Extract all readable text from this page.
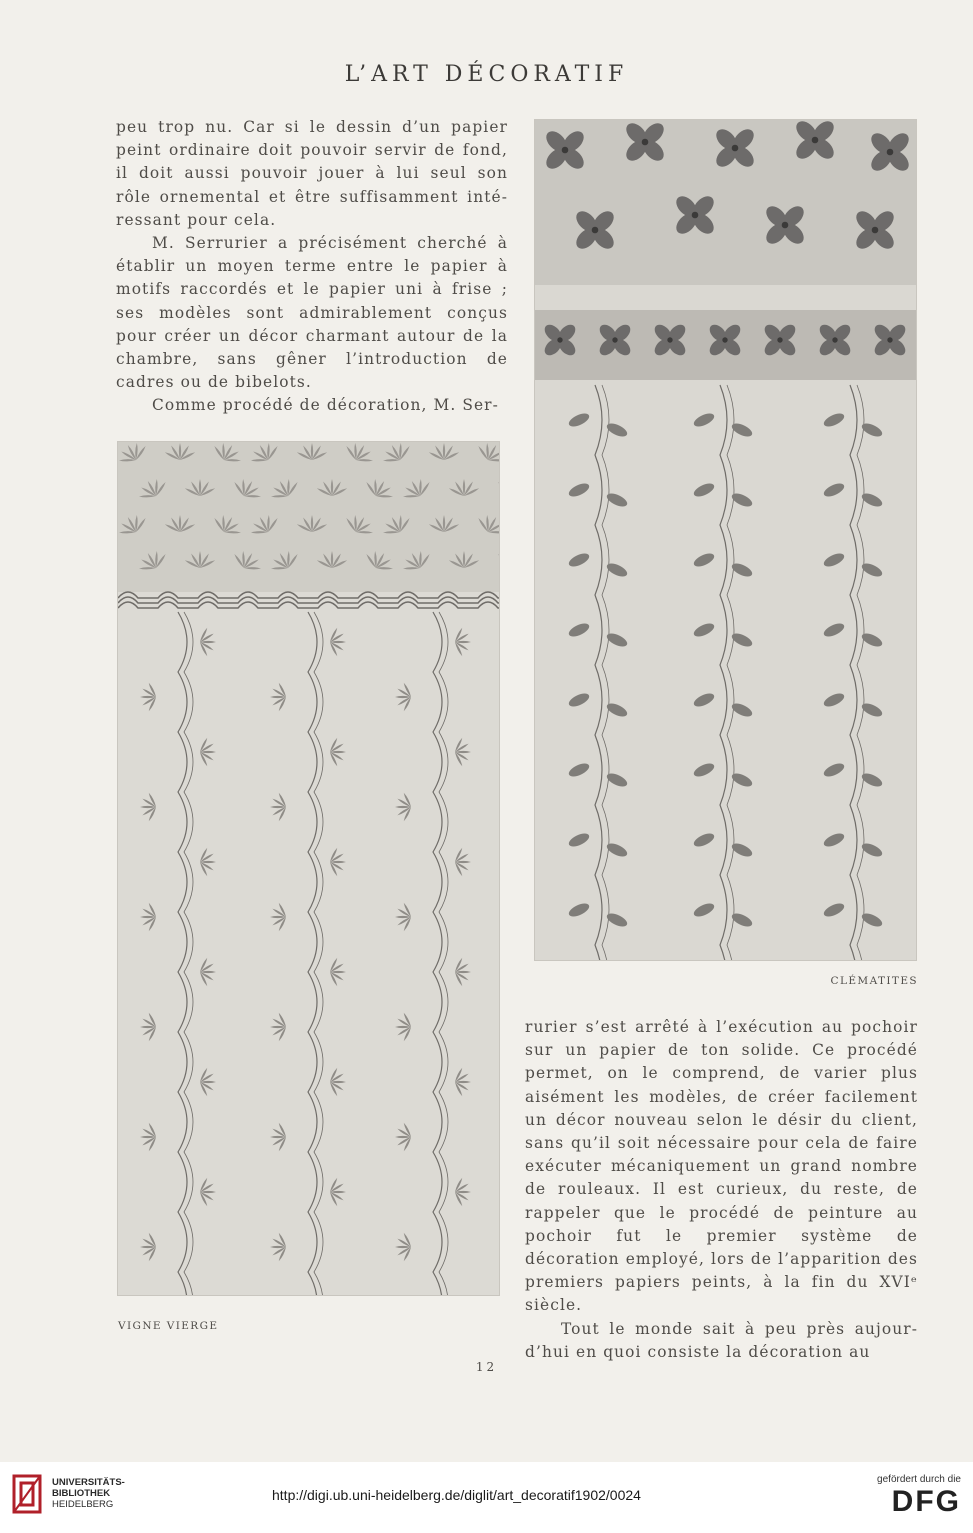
L’ART DÉCORATIF

peu trop nu. Car si le dessin d’un papier peint ordinaire doit pouvoir servir de fond, il doit aussi pouvoir jouer à lui seul son rôle ornemental et être suffisamment inté-ressant pour cela.

M. Serrurier a précisément cherché à établir un moyen terme entre le papier à motifs raccordés et le papier uni à frise ; ses modèles sont admirablement conçus pour créer un décor charmant autour de la chambre, sans gêner l’introduction de cadres ou de bibelots.

Comme procédé de décoration, M. Ser-

VIGNE VIERGE
CLÉMATITES

rurier s’est arrêté à l’exécution au pochoir sur un papier de ton solide. Ce procédé permet, on le comprend, de varier plus aisément les modèles, de créer facilement un décor nouveau selon le désir du client, sans qu’il soit nécessaire pour cela de faire exécuter mécaniquement un grand nombre de rouleaux. Il est curieux, du reste, de rappeler que le procédé de peinture au pochoir fut le premier système de décoration employé, lors de l’apparition des premiers papiers peints, à la fin du XVIᵉ siècle.

Tout le monde sait à peu près aujour-d’hui en quoi consiste la décoration au

12
UNIVERSITÄTS-
BIBLIOTHEK
HEIDELBERG
http://digi.ub.uni-heidelberg.de/diglit/art_decoratif1902/0024
gefördert durch die
DFG
